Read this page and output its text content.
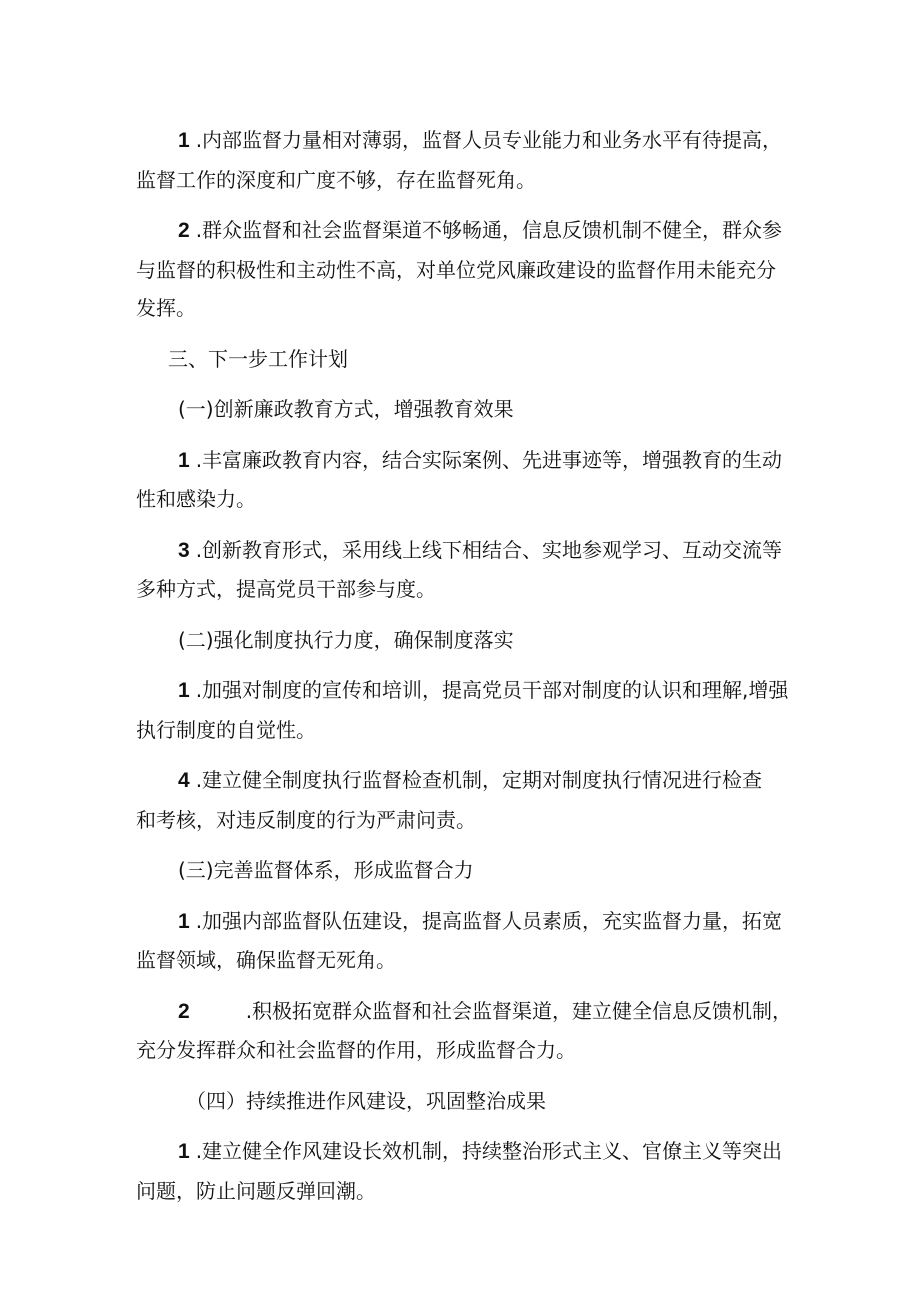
1 .内部监督力量相对薄弱，监督人员专业能力和业务水平有待提高，
监督工作的深度和广度不够，存在监督死角。

2 .群众监督和社会监督渠道不够畅通，信息反馈机制不健全，群众参
与监督的积极性和主动性不高，对单位党风廉政建设的监督作用未能充分
发挥。

三、下一步工作计划

(一)创新廉政教育方式，增强教育效果

1 .丰富廉政教育内容，结合实际案例、先进事迹等，增强教育的生动
性和感染力。

3 .创新教育形式，采用线上线下相结合、实地参观学习、互动交流等
多种方式，提高党员干部参与度。

(二)强化制度执行力度，确保制度落实

1 .加强对制度的宣传和培训，提高党员干部对制度的认识和理解,增强
执行制度的自觉性。

4 .建立健全制度执行监督检查机制，定期对制度执行情况进行检查
和考核，对违反制度的行为严肃问责。

(三)完善监督体系，形成监督合力

1 .加强内部监督队伍建设，提高监督人员素质，充实监督力量，拓宽
监督领域，确保监督无死角。

2	.积极拓宽群众监督和社会监督渠道，建立健全信息反馈机制，
充分发挥群众和社会监督的作用，形成监督合力。

（四）持续推进作风建设，巩固整治成果

1 .建立健全作风建设长效机制，持续整治形式主义、官僚主义等突出
问题，防止问题反弹回潮。
